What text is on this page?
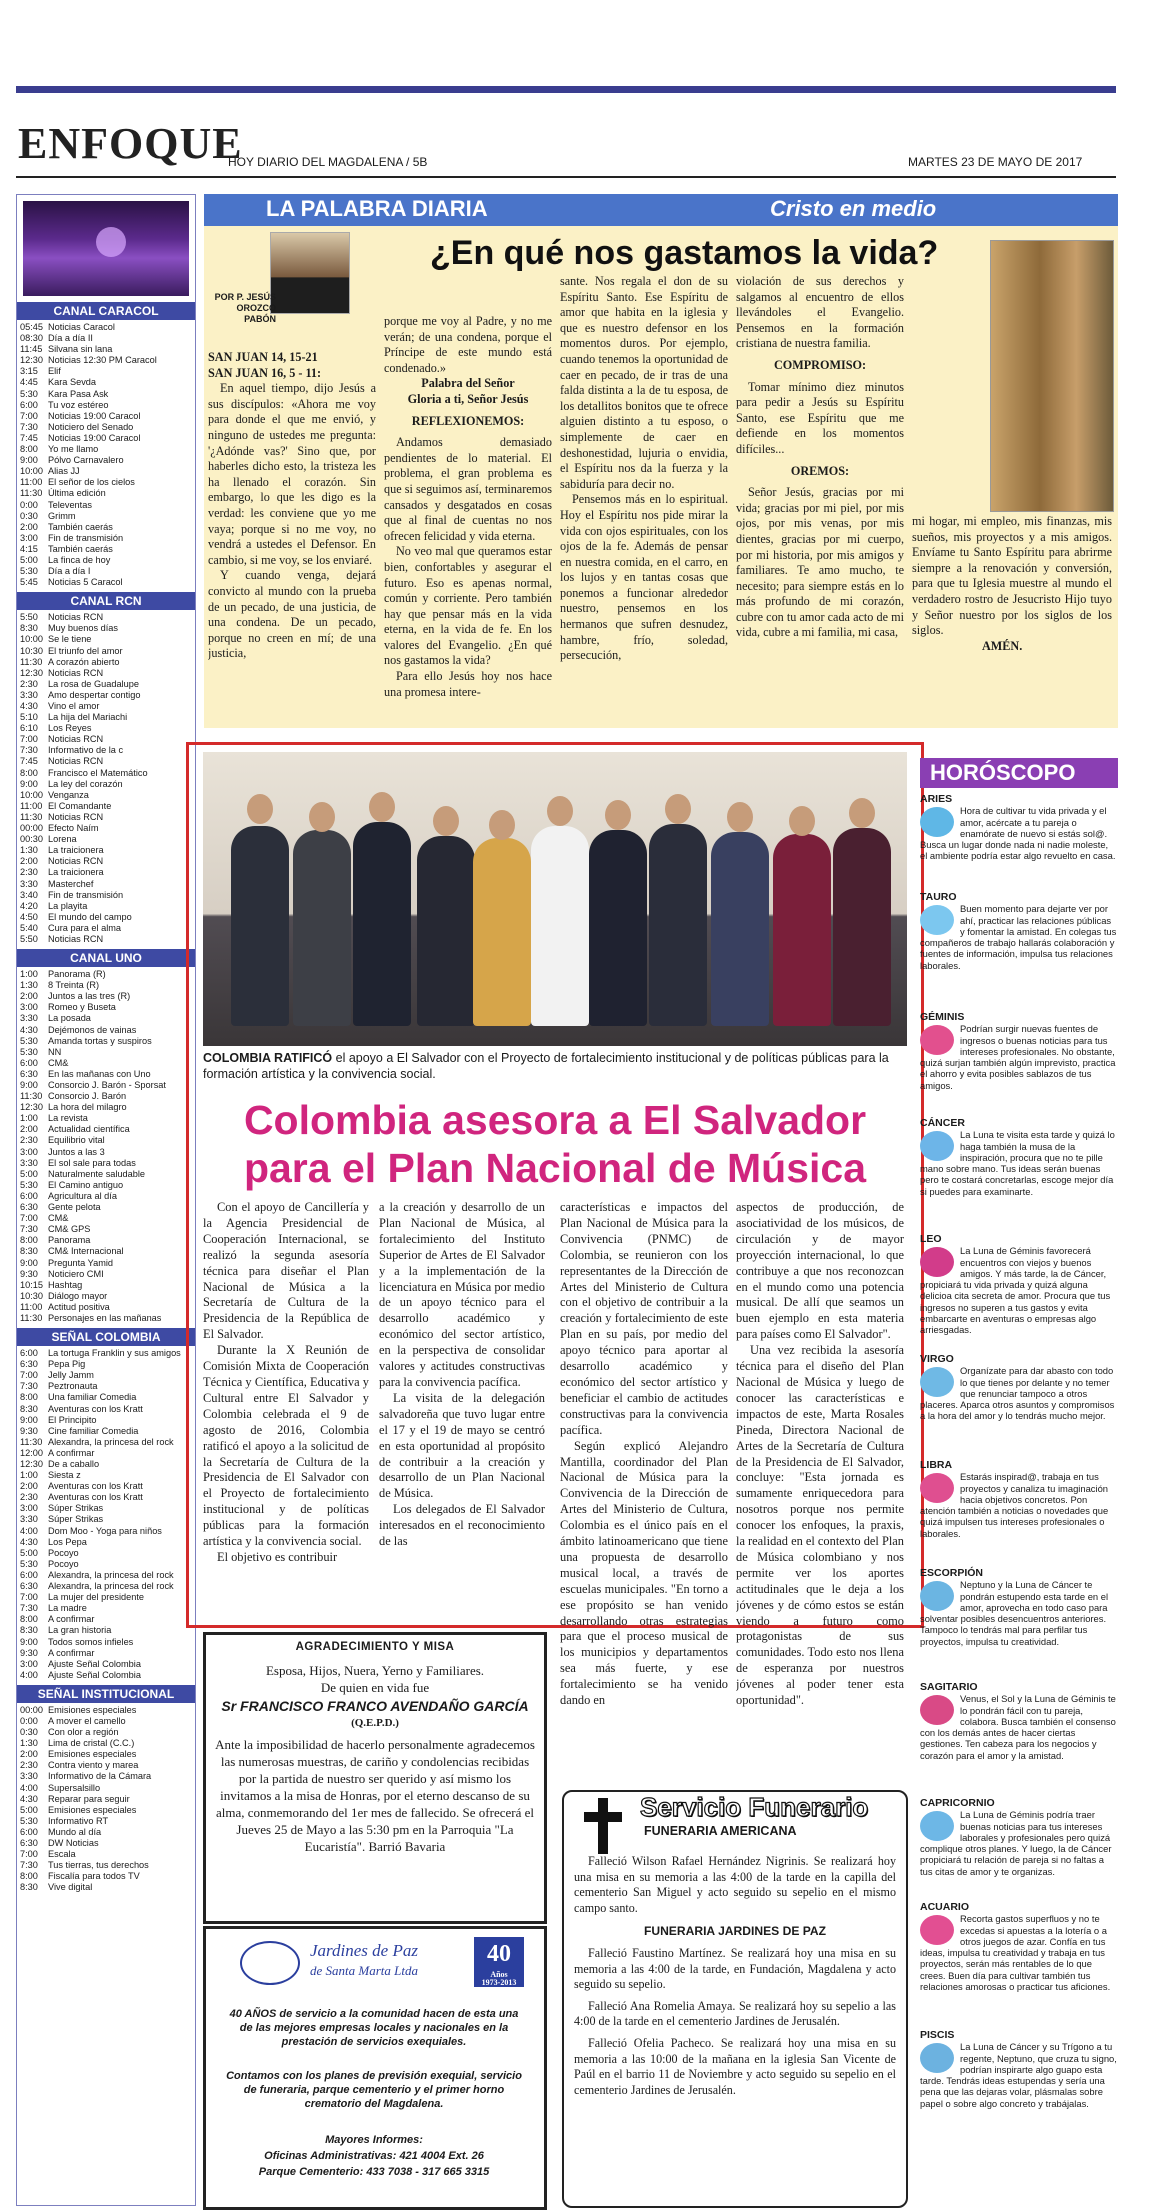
ENFOQUE
HOY DIARIO DEL MAGDALENA / 5B	MARTES 23 DE MAYO DE 2017
CANAL CARACOL
05:45 Noticias Caracol
08:30 Día a día II
11:45 Silvana sin lana
12:30 Noticias 12:30 PM Caracol
3:15	Elif
4:45	Kara Sevda
5:30	Kara Pasa Ask
6:00	Tu voz estéreo
7:00	Noticias 19:00 Caracol
7:30	Noticiero del Senado
7:45	Noticias 19:00 Caracol
8:00	Yo me llamo
9:00	Pólvo Carnavalero
10:00 Alias JJ
11:00 El señor de los cielos
11:30 Última edición
0:00	Televentas
0:30	Grimm
2:00	También caerás
3:00	Fin de transmisión
4:15	También caerás
5:00	La finca de hoy
5:30	Día a día I
5:45	Noticias 5 Caracol
CANAL RCN
5:50	Noticias RCN
8:30	Muy buenos días
10:00 Se le tiene
10:30 El triunfo del amor
11:30 A corazón abierto
12:30 Noticias RCN
2:30	La rosa de Guadalupe
3:30	Amo despertar contigo
4:30	Vino el amor
5:10	La hija del Mariachi
6:10	Los Reyes
7:00	Noticias RCN
7:30	Informativo de la c
7:45	Noticias RCN
8:00	Francisco el Matemático
9:00	La ley del corazón
10:00 Venganza
11:00 El Comandante
11:30 Noticias RCN
00:00 Efecto Naím
00:30 Lorena
1:30	La traicionera
2:00	Noticias RCN
2:30	La traicionera
3:30	Masterchef
3:40	Fin de transmisión
4:20	La playita
4:50	El mundo del campo
5:40	Cura para el alma
5:50	Noticias RCN
CANAL UNO
1:00	Panorama (R)
1:30	8 Treinta (R)
2:00	Juntos a las tres (R)
3:00	Romeo y Buseta
3:30	La posada
4:30	Dejémonos de vainas
5:30	Amanda tortas y suspiros
5:30	NN
6:00	CM&
6:30	En las mañanas con Uno
9:00	Consorcio J. Barón - Sporsat
11:30 Consorcio J. Barón
12:30 La hora del milagro
1:00	La revista
2:00	Actualidad científica
2:30	Equilibrio vital
3:00	Juntos a las 3
3:30	El sol sale para todas
5:00	Naturalmente saludable
5:30	El Camino antiguo
6:00	Agricultura al día
6:30	Gente pelota
7:00	CM&
7:30	CM& GPS
8:00	Panorama
8:30	CM& Internacional
9:00	Pregunta Yamid
9:30	Noticiero CMI
10:15 Hashtag
10:30 Diálogo mayor
11:00 Actitud positiva
11:30 Personajes en las mañanas
SEÑAL COLOMBIA
6:00	La tortuga Franklin y sus amigos
6:30	Pepa Pig
7:00	Jelly Jamm
7:30	Peztronauta
8:00	Una familiar Comedia
8:30	Aventuras con los Kratt
9:00	El Principito
9:30	Cine familiar Comedia
11:30 Alexandra, la princesa del rock
12:00 A confirmar
12:30 De a caballo
1:00	Siesta z
2:00	Aventuras con los Kratt
2:30	Aventuras con los Kratt
3:00	Súper Strikas
3:30	Súper Strikas
4:00	Dom Moo - Yoga para niños
4:30	Los Pepa
5:00	Pocoyo
5:30	Pocoyo
6:00	Alexandra, la princesa del rock
6:30	Alexandra, la princesa del rock
7:00	La mujer del presidente
7:30	La madre
8:00	A confirmar
8:30	La gran historia
9:00	Todos somos infieles
9:30	A confirmar
3:00	Ajuste Señal Colombia
4:00	Ajuste Señal Colombia
SEÑAL INSTITUCIONAL
00:00 Emisiones especiales
0:00	A mover el camello
0:30	Con olor a región
1:30	Lima de cristal (C.C.)
2:00	Emisiones especiales
2:30	Contra viento y marea
3:30	Informativo de la Cámara
4:00	Supersalsillo
4:30	Reparar para seguir
5:00	Emisiones especiales
5:30	Informativo RT
6:00	Mundo al día
6:30	DW Noticias
7:00	Escala
7:30	Tus tierras, tus derechos
8:00	Fiscalía para todos TV
8:30	Vive digital
LA PALABRA DIARIA	Cristo en medio
POR P. JESÚS OROZCO PABÓN
¿En qué nos gastamos la vida?

SAN JUAN 14, 15-21

SAN JUAN 16, 5 - 11:

En aquel tiempo, dijo Jesús a sus discípulos: «Ahora me voy para donde el que me envió, y ninguno de ustedes me pregunta: '¿Adónde vas?' Sino que, por haberles dicho esto, la tristeza les ha llenado el corazón. Sin embargo, lo que les digo es la verdad: les conviene que yo me vaya; porque si no me voy, no vendrá a ustedes el Defensor. En cambio, si me voy, se los enviaré.

Y cuando venga, dejará convicto al mundo con la prueba de un pecado, de una justicia, de una condena. De un pecado, porque no creen en mí; de una justicia,

porque me voy al Padre, y no me verán; de una condena, porque el Príncipe de este mundo está condenado.»

Palabra del Señor

Gloria a ti, Señor Jesús

REFLEXIONEMOS:

Andamos demasiado pendientes de lo material. El problema, el gran problema es que si seguimos así, terminaremos cansados y desgatados en cosas que al final de cuentas no nos ofrecen felicidad y vida eterna.

No veo mal que queramos estar bien, confortables y asegurar el futuro. Eso es apenas normal, común y corriente. Pero también hay que pensar más en la vida eterna, en la vida de fe. En los valores del Evangelio. ¿En qué nos gastamos la vida?

Para ello Jesús hoy nos hace una promesa intere-

sante. Nos regala el don de su Espíritu Santo. Ese Espíritu de amor que habita en la iglesia y que es nuestro defensor en los momentos duros. Por ejemplo, cuando tenemos la oportunidad de caer en pecado, de ir tras de una falda distinta a la de tu esposa, de los detallitos bonitos que te ofrece alguien distinto a tu esposo, o simplemente de caer en deshonestidad, lujuria o envidia, el Espíritu nos da la fuerza y la sabiduría para decir no.

Pensemos más en lo espiritual. Hoy el Espíritu nos pide mirar la vida con ojos espirituales, con los ojos de la fe. Además de pensar en nuestra comida, en el carro, en los lujos y en tantas cosas que ponemos a funcionar alrededor nuestro, pensemos en los hermanos que sufren desnudez, hambre, frío, soledad, persecución,

violación de sus derechos y salgamos al encuentro de ellos llevándoles el Evangelio. Pensemos en la formación cristiana de nuestra familia.

COMPROMISO:

Tomar mínimo diez minutos para pedir a Jesús su Espíritu Santo, ese Espíritu que me defiende en los momentos difíciles...

OREMOS:

Señor Jesús, gracias por mi vida; gracias por mi piel, por mis ojos, por mis venas, por mis dientes, gracias por mi cuerpo, por mi historia, por mis amigos y familiares. Te amo mucho, te necesito; para siempre estás en lo más profundo de mi corazón, cubre con tu amor cada acto de mi vida, cubre a mi familia, mi casa,

mi hogar, mi empleo, mis finanzas, mis sueños, mis proyectos y a mis amigos. Envíame tu Santo Espíritu para abrirme siempre a la renovación y conversión, para que tu Iglesia muestre al mundo el verdadero rostro de Jesucristo Hijo tuyo y Señor nuestro por los siglos de los siglos.

AMÉN.

COLOMBIA RATIFICÓ el apoyo a El Salvador con el Proyecto de fortalecimiento institucional y de políticas públicas para la formación artística y la convivencia social.
Colombia asesora a El Salvador para el Plan Nacional de Música

Con el apoyo de Cancillería y la Agencia Presidencial de Cooperación Internacional, se realizó la segunda asesoría técnica para diseñar el Plan Nacional de Música a la Secretaría de Cultura de la Presidencia de la República de El Salvador.

Durante la X Reunión de Comisión Mixta de Cooperación Técnica y Científica, Educativa y Cultural entre El Salvador y Colombia celebrada el 9 de agosto de 2016, Colombia ratificó el apoyo a la solicitud de la Secretaría de Cultura de la Presidencia de El Salvador con el Proyecto de fortalecimiento institucional y de políticas públicas para la formación artística y la convivencia social.

El objetivo es contribuir

a la creación y desarrollo de un Plan Nacional de Música, al fortalecimiento del Instituto Superior de Artes de El Salvador y a la implementación de la licenciatura en Música por medio de un apoyo técnico para el desarrollo académico y económico del sector artístico, en la perspectiva de consolidar valores y actitudes constructivas para la convivencia pacífica.

La visita de la delegación salvadoreña que tuvo lugar entre el 17 y el 19 de mayo se centró en esta oportunidad al propósito de contribuir a la creación y desarrollo de un Plan Nacional de Música.

Los delegados de El Salvador interesados en el reconocimiento de las

características e impactos del Plan Nacional de Música para la Convivencia (PNMC) de Colombia, se reunieron con los representantes de la Dirección de Artes del Ministerio de Cultura con el objetivo de contribuir a la creación y fortalecimiento de este Plan en su país, por medio del apoyo técnico para aportar al desarrollo académico y económico del sector artístico y beneficiar el cambio de actitudes constructivas para la convivencia pacífica.

Según explicó Alejandro Mantilla, coordinador del Plan Nacional de Música para la Convivencia de la Dirección de Artes del Ministerio de Cultura, Colombia es el único país en el ámbito latinoamericano que tiene una propuesta de desarrollo musical local, a través de escuelas municipales. "En torno a ese propósito se han venido desarrollando otras estrategias para que el proceso musical de los municipios y departamentos sea más fuerte, y ese fortalecimiento se ha venido dando en

aspectos de producción, de asociatividad de los músicos, de circulación y de mayor proyección internacional, lo que contribuye a que nos reconozcan en el mundo como una potencia musical. De allí que seamos un buen ejemplo en esta materia para países como El Salvador".

Una vez recibida la asesoría técnica para el diseño del Plan Nacional de Música y luego de conocer las características e impactos de este, Marta Rosales Pineda, Directora Nacional de Artes de la Secretaría de Cultura de la Presidencia de El Salvador, concluye: "Esta jornada es sumamente enriquecedora para nosotros porque nos permite conocer los enfoques, la praxis, la realidad en el contexto del Plan de Música colombiano y nos permite ver los aportes actitudinales que le deja a los jóvenes y de cómo estos se están viendo a futuro como protagonistas de sus comunidades. Todo esto nos llena de esperanza por nuestros jóvenes al poder tener esta oportunidad".

AGRADECIMIENTO Y MISA
Esposa, Hijos, Nuera, Yerno y Familiares.
De quien en vida fue
Sr FRANCISCO FRANCO AVENDAÑO GARCÍA
(Q.E.P.D.)
Ante la imposibilidad de hacerlo personalmente agradecemos las numerosas muestras, de cariño y condolencias recibidas por la partida de nuestro ser querido y así mismo los invitamos a la misa de Honras, por el eterno descanso de su alma, conmemorando del 1er mes de fallecido. Se ofrecerá el Jueves 25 de Mayo a las 5:30 pm en la Parroquia "La Eucaristía". Barrió Bavaria
Jardines de Paz
de Santa Marta Ltda
40
Años
1973-2013
40 AÑOS de servicio a la comunidad hacen de esta una de las mejores empresas locales y nacionales en la prestación de servicios exequiales.
Contamos con los planes de previsión exequial, servicio de funeraria, parque cementerio y el primer horno crematorio del Magdalena.
Mayores Informes:
Oficinas Administrativas: 421 4004 Ext. 26
Parque Cementerio: 433 7038 - 317 665 3315
Servicio Funerario
FUNERARIA AMERICANA

Falleció Wilson Rafael Hernández Nigrinis. Se realizará hoy una misa en su memoria a las 4:00 de la tarde en la capilla del cementerio San Miguel y acto seguido su sepelio en el mismo campo santo.

FUNERARIA JARDINES DE PAZ

Falleció Faustino Martínez. Se realizará hoy una misa en su memoria a las 4:00 de la tarde, en Fundación, Magdalena y acto seguido su sepelio.

Falleció Ana Romelia Amaya. Se realizará hoy su sepelio a las 4:00 de la tarde en el cementerio Jardines de Jerusalén.

Falleció Ofelia Pacheco. Se realizará hoy una misa en su memoria a las 10:00 de la mañana en la iglesia San Vicente de Paúl en el barrio 11 de Noviembre y acto seguido su sepelio en el cementerio Jardines de Jerusalén.

HORÓSCOPO
ARIES
Hora de cultivar tu vida privada y el amor, acércate a tu pareja o enamórate de nuevo si estás sol@. Busca un lugar donde nada ni nadie moleste, el ambiente podría estar algo revuelto en casa.
TAURO
Buen momento para dejarte ver por ahí, practicar las relaciones públicas y fomentar la amistad. En colegas tus compañeros de trabajo hallarás colaboración y fuentes de información, impulsa tus relaciones laborales.
GÉMINIS
Podrían surgir nuevas fuentes de ingresos o buenas noticias para tus intereses profesionales. No obstante, quizá surjan también algún imprevisto, practica el ahorro y evita posibles sablazos de tus amigos.
CÁNCER
La Luna te visita esta tarde y quizá lo haga también la musa de la inspiración, procura que no te pille mano sobre mano. Tus ideas serán buenas pero te costará concretarlas, escoge mejor día si puedes para examinarte.
LEO
La Luna de Géminis favorecerá encuentros con viejos y buenos amigos. Y más tarde, la de Cáncer, propiciará tu vida privada y quizá alguna delicioa cita secreta de amor. Procura que tus ingresos no superen a tus gastos y evita embarcarte en aventuras o empresas algo arriesgadas.
VIRGO
Organízate para dar abasto con todo lo que tienes por delante y no temer que renunciar tampoco a otros placeres. Aparca otros asuntos y compromisos a la hora del amor y lo tendrás mucho mejor.
LIBRA
Estarás inspirad@, trabaja en tus proyectos y canaliza tu imaginación hacia objetivos concretos. Pon atención también a noticias o novedades que quizá impulsen tus intereses profesionales o laborales.
ESCORPIÓN
Neptuno y la Luna de Cáncer te pondrán estupendo esta tarde en el amor, aprovecha en todo caso para solventar posibles desencuentros anteriores. Tampoco lo tendrás mal para perfilar tus proyectos, impulsa tu creatividad.
SAGITARIO
Venus, el Sol y la Luna de Géminis te lo pondrán fácil con tu pareja, colabora. Busca también el consenso con los demás antes de hacer ciertas gestiones. Ten cabeza para los negocios y corazón para el amor y la amistad.
CAPRICORNIO
La Luna de Géminis podría traer buenas noticias para tus intereses laborales y profesionales pero quizá complique otros planes. Y luego, la de Cáncer propiciará tu relación de pareja si no faltas a tus citas de amor y te organizas.
ACUARIO
Recorta gastos superfluos y no te excedas si apuestas a la lotería o a otros juegos de azar. Confía en tus ideas, impulsa tu creatividad y trabaja en tus proyectos, serán más rentables de lo que crees. Buen día para cultivar también tus relaciones amorosas o practicar tus aficiones.
PISCIS
La Luna de Cáncer y su Trígono a tu regente, Neptuno, que cruza tu signo, podrían inspirarte algo guapo esta tarde. Tendrás ideas estupendas y sería una pena que las dejaras volar, plásmalas sobre papel o sobre algo concreto y trabájalas.
